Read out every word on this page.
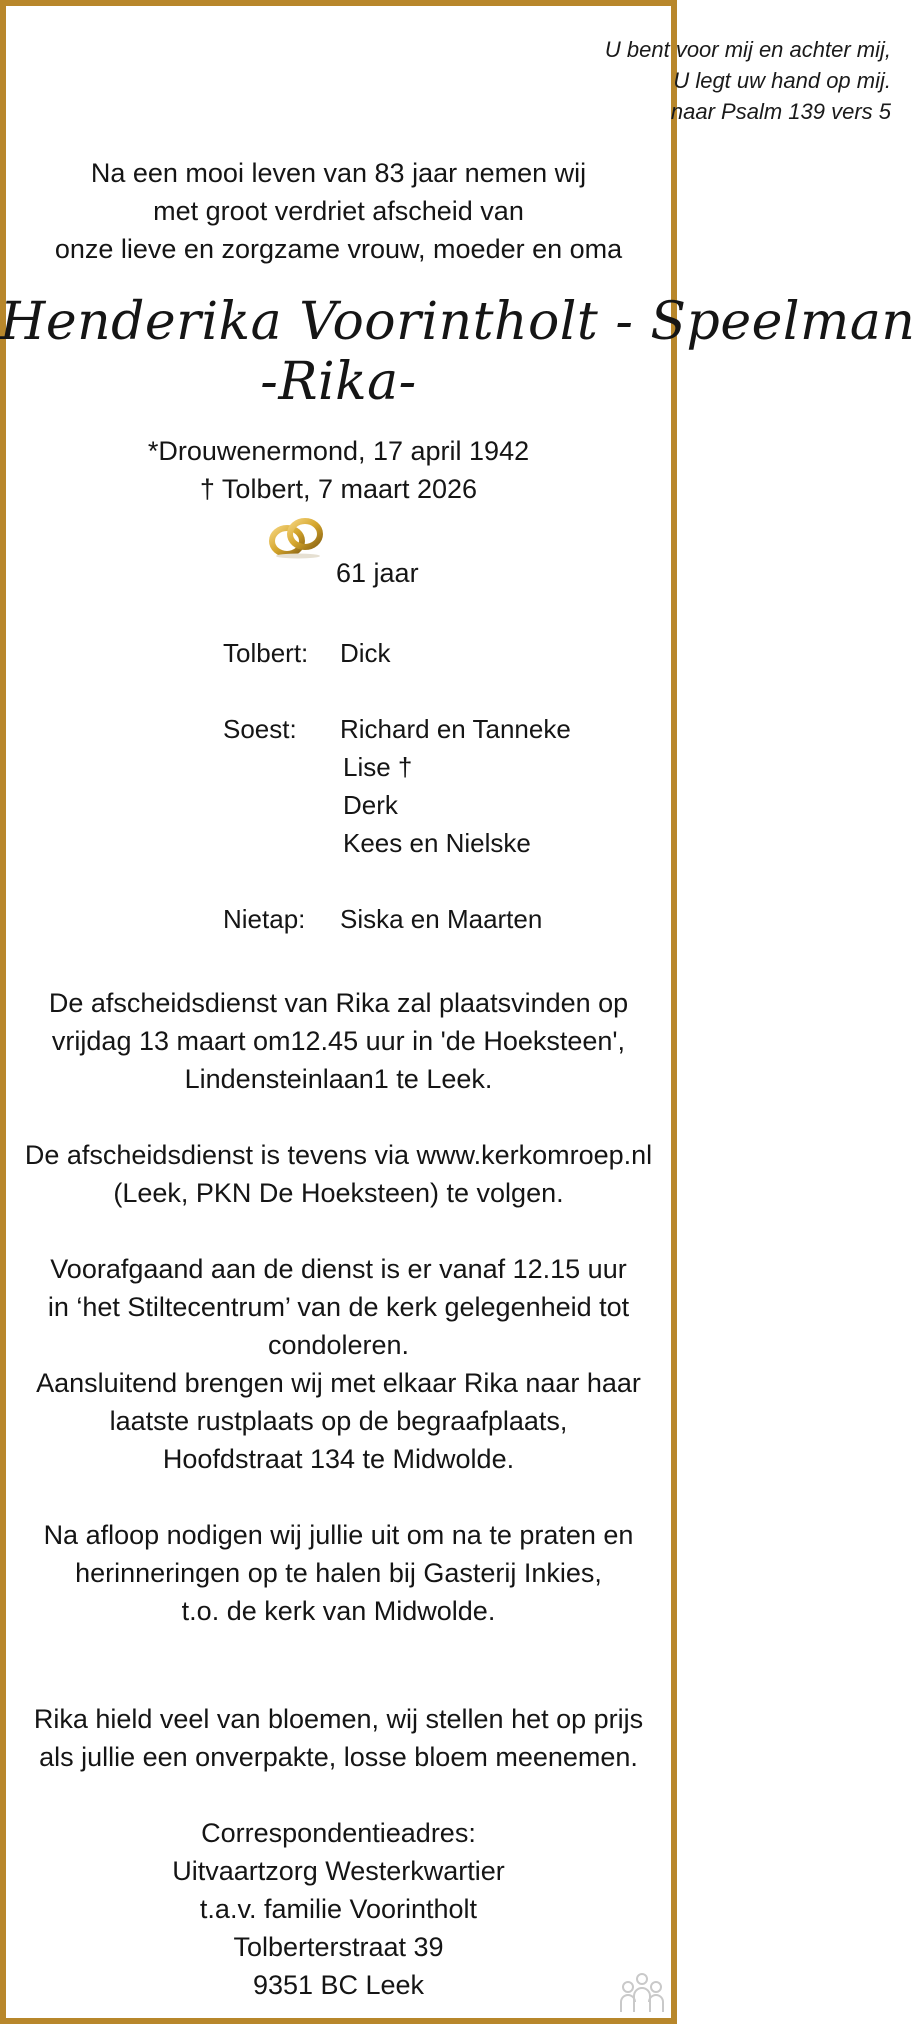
U bent voor mij en achter mij,
U legt uw hand op mij.
naar Psalm 139 vers 5
Na een mooi leven van 83 jaar nemen wij
met groot verdriet afscheid van
onze lieve en zorgzame vrouw, moeder en oma
Henderika Voorintholt - Speelman
-Rika-
*Drouwenermond, 17 april 1942
† Tolbert, 7 maart 2026
61 jaar
Tolbert: Dick
Soest: Richard en Tanneke
Lise †
Derk
Kees en Nielske
Nietap: Siska en Maarten
De afscheidsdienst van Rika zal plaatsvinden op
vrijdag 13 maart om12.45 uur in 'de Hoeksteen',
Lindensteinlaan1 te Leek.
De afscheidsdienst is tevens via www.kerkomroep.nl
(Leek, PKN De Hoeksteen) te volgen.
Voorafgaand aan de dienst is er vanaf 12.15 uur
in ‘het Stiltecentrum’ van de kerk gelegenheid tot
condoleren.
Aansluitend brengen wij met elkaar Rika naar haar
laatste rustplaats op de begraafplaats,
Hoofdstraat 134 te Midwolde.
Na afloop nodigen wij jullie uit om na te praten en
herinneringen op te halen bij Gasterij Inkies,
t.o. de kerk van Midwolde.
Rika hield veel van bloemen, wij stellen het op prijs
als jullie een onverpakte, losse bloem meenemen.
Correspondentieadres:
Uitvaartzorg Westerkwartier
t.a.v. familie Voorintholt
Tolberterstraat 39
9351 BC Leek
